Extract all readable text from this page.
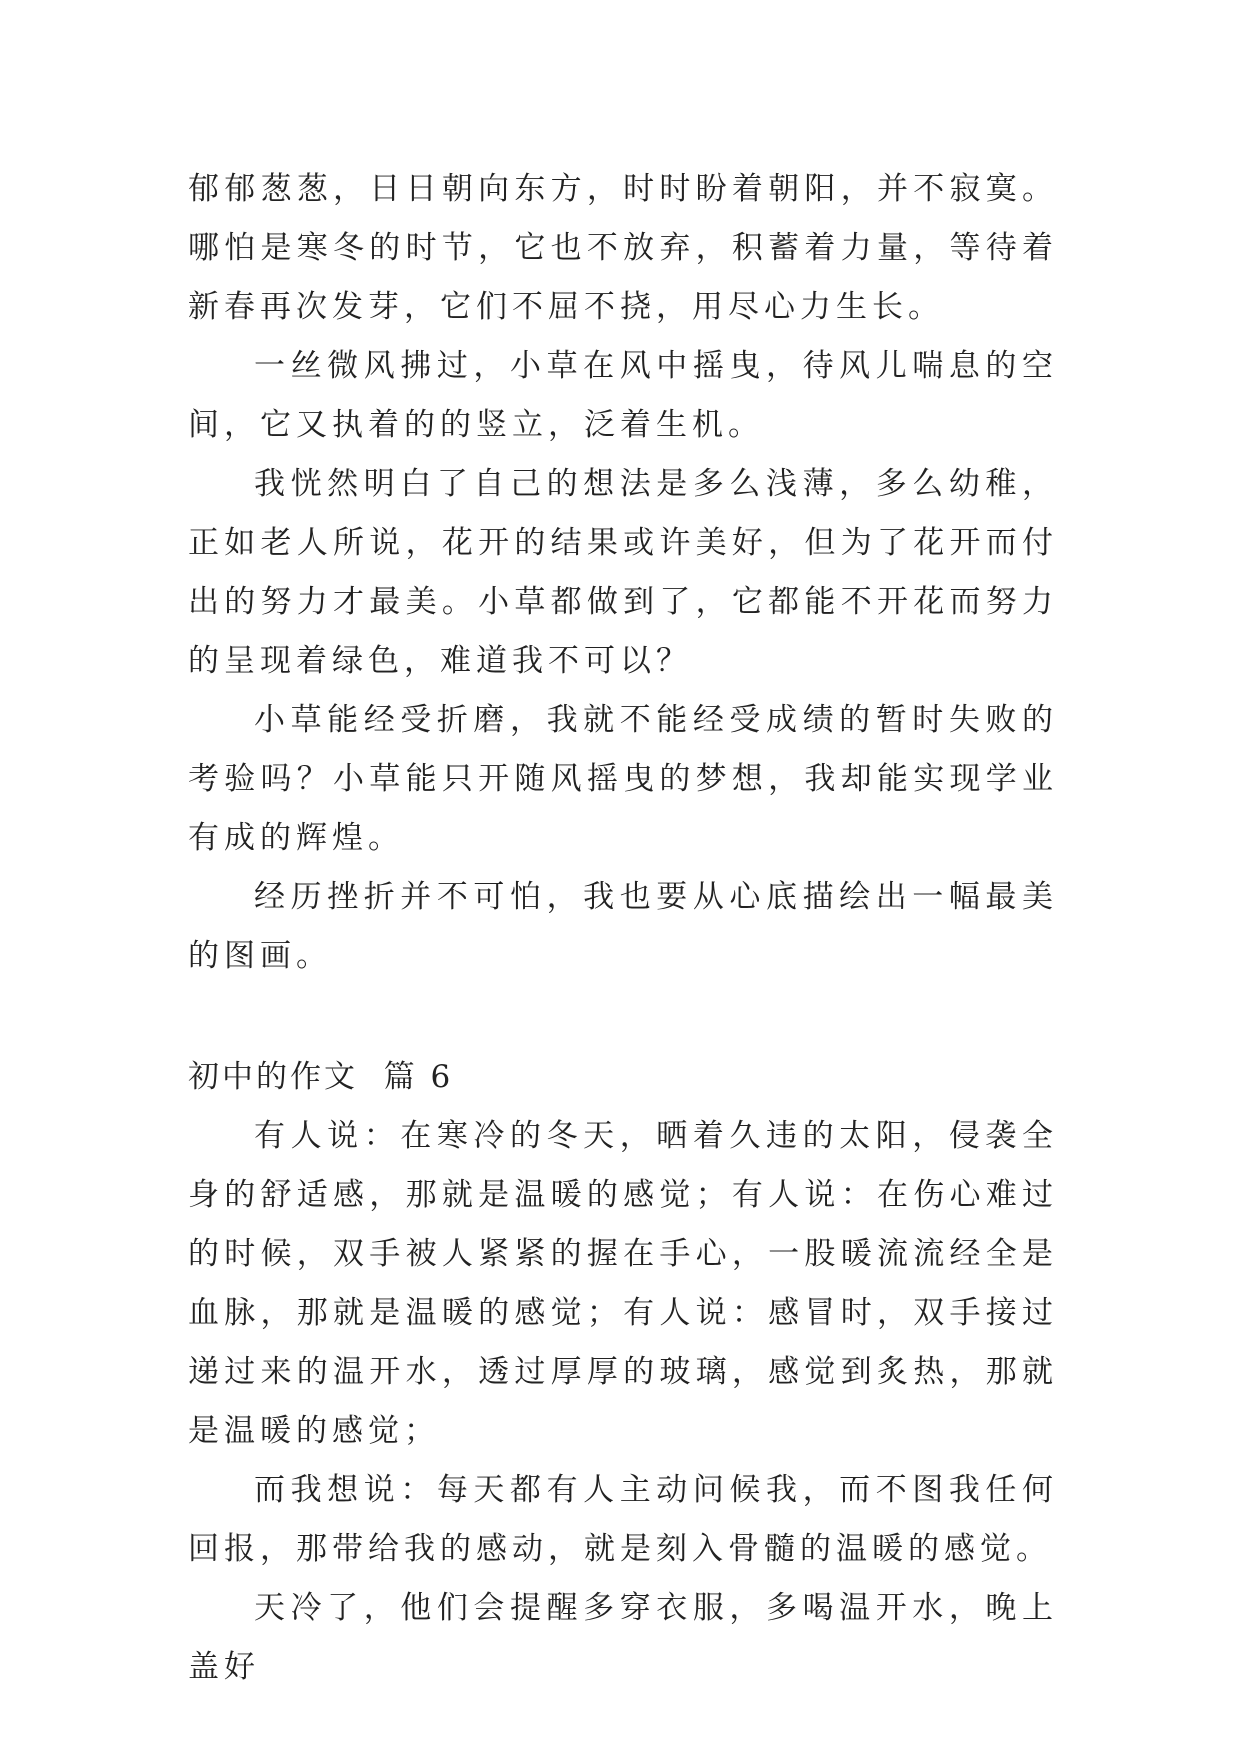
郁郁葱葱，日日朝向东方，时时盼着朝阳，并不寂寞。哪怕是寒冬的时节，它也不放弃，积蓄着力量，等待着新春再次发芽，它们不屈不挠，用尽心力生长。

一丝微风拂过，小草在风中摇曳，待风儿喘息的空间，它又执着的的竖立，泛着生机。

我恍然明白了自己的想法是多么浅薄，多么幼稚，正如老人所说，花开的结果或许美好，但为了花开而付出的努力才最美。小草都做到了，它都能不开花而努力的呈现着绿色，难道我不可以？

小草能经受折磨，我就不能经受成绩的暂时失败的考验吗？小草能只开随风摇曳的梦想，我却能实现学业有成的辉煌。

经历挫折并不可怕，我也要从心底描绘出一幅最美的图画。

初中的作文  篇 6

有人说：在寒冷的冬天，晒着久违的太阳，侵袭全身的舒适感，那就是温暖的感觉；有人说：在伤心难过的时候，双手被人紧紧的握在手心，一股暖流流经全是血脉，那就是温暖的感觉；有人说：感冒时，双手接过递过来的温开水，透过厚厚的玻璃，感觉到炙热，那就是温暖的感觉；

而我想说：每天都有人主动问候我，而不图我任何回报，那带给我的感动，就是刻入骨髓的温暖的感觉。

天冷了，他们会提醒多穿衣服，多喝温开水，晚上盖好
